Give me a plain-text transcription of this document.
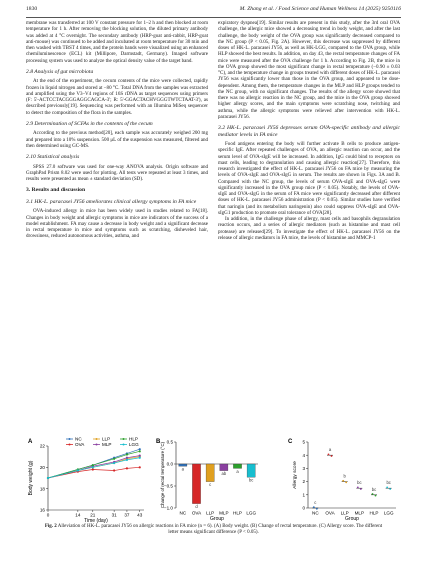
1830	M. Zhang et al. / Food Science and Human Wellness 14 (2025) 9250116

membrane was transferred at 100 V constant pressure for 1–2 h and then blocked at room temperature for 1 h. After removing the blocking solution, the diluted primary antibody was added at 4 °C overnight. The secondary antibody (HRP-goat anti-rabbit, HRP-goat anti-mouse) was continued to be added and incubated at room temperature for 30 min and then washed with TBST 4 times, and the protein bands were visualized using an enhanced chemiluminescence (ECL) kit (Millipore, Darmstadt, Germany). Imaged software processing system was used to analyze the optical density value of the target band.

2.8 Analysis of gut microbiota

At the end of the experiment, the cecum contents of the mice were collected, rapidly frozen in liquid nitrogen and stored at −80 °C. Total DNA from the samples was extracted and amplified using the V3–V4 regions of 16S rDNA as target sequences using primers (F: 5'-ACTCCTACGGGAGGCAGCA-3'; R: 5'-GGACTACHVGGGTWTCTAAT-3'), as described previously[19]. Sequencing was performed with an Illumina MiSeq sequencer to detect the composition of the flora in the samples.

2.9 Determination of SCFAs in the contents of the cecum

According to the previous method[20], each sample was accurately weighed 200 mg and prepared into a 10% suspension. 500 μL of the suspension was measured, filtered and then determined using GC-MS.

2.10 Statistical analysis

SPSS 27.0 software was used for one-way ANOVA analysis. Origin software and GraphPad Prism 8.02 were used for plotting. All tests were repeated at least 3 times, and results were presented as mean ± standard deviation (SD).

3. Results and discussion
3.1 HK-L. paracasei JY56 ameliorates clinical allergy symptoms in FA mice

OVA-induced allergy in mice has been widely used in studies related to FA[18]. Changes in body weight and allergic symptoms in mice are indicators of the success of a model establishment. FA may cause a decrease in body weight and a significant decrease in rectal temperature in mice and symptoms such as scratching, disheveled hair, drowsiness, reduced autonomous activities, asthma, and

expiratory dyspnea[19]. Similar results are present in this study, after the 3rd oral OVA challenge, the allergic mice showed a decreasing trend in body weight, and after the last challenge, the body weight of the OVA group was significantly decreased compared to the NC group (P < 0.05, Fig. 2A). However, this decrease was suppressed by different doses of HK-L. paracasei JY56, as well as HK-LGG, compared to the OVA group, while HLP showed the best results. In addition, on day 43, the rectal temperature changes of FA mice were measured after the OVA challenge for 1 h. According to Fig. 2B, the mice in the OVA group showed the most significant change in rectal temperature (−0.90 ± 0.03 °C), and the temperature change in groups treated with different doses of HK-L. paracasei JY56 was significantly lower than those in the OVA group, and appeared to be dose-dependent. Among them, the temperature changes in the MLP and HLP groups tended to the NC group, with no significant changes. The results of the allergy score showed that there was no allergic reaction in the NC group, and the mice in the OVA group showed higher allergy scores, and the main symptoms were scratching nose, twitching and asthma, while the allergic symptoms were relieved after intervention with HK-L. paracasei JY56.

3.2 HK-L. paracasei JY56 depresses serum OVA-specific antibody and allergic mediator levels in FA mice

Food antigens entering the body will further activate B cells to produce antigen-specific IgE. After repeated challenges of OVA, an allergic reaction can occur, and the serum level of OVA-sIgE will be increased. In addition, IgG could bind to receptors on mast cells, leading to degranulation and causing allergic reaction[27]. Therefore, this research investigated the effect of HK-L. paracasei JY56 on FA mice by measuring the levels of OVA-sIgE and OVA-sIgG in serum. The results are shown in Figs. 3A and B. Compared with the NC group, the levels of serum OVA-sIgE and OVA-sIgG were significantly increased in the OVA group mice (P < 0.05). Notably, the levels of OVA-sIgE and OVA-sIgG in the serum of FA mice were significantly decreased after different doses of HK-L. paracasei JY56 administration (P < 0.05). Similar studies have verified that naringin (and its metabolism naringenin) also could suppress OVA-sIgE and OVA-sIgG1 production to promote oral tolerance of OVA[28].

In addition, in the challenge phase of allergy, mast cells and basophils degranulation reaction occurs, and a series of allergic mediators (such as histamine and mast cell protease) are released[29]. To investigate the effect of HK-L. paracasei JY56 on the release of allergic mediators in FA mice, the levels of histamine and MMCP-1

A
16
18
20
22
0	14 21	31 37 43
Time (day)
Body weight (g)
NC
OVA
LLP
MLP
HLP
LGG	B 0.5
0.0
−0.5
−1.0
a
NC
d
OVA
c
LLP
ab
MLP
a
HLP
bc
LGG
Group
Change of rectal temperature (°C)	C
0
1
2
3
4
5
c
NC
a
OVA
b
LLP
bc
MLP
bc
HLP
bc
LGG
Group
Allergy score
Fig. 2 Alleviation of HK-L. paracasei JY56 on allergic reactions in FA mice (n = 6). (A) Body weight. (B) Change of rectal temperature. (C) Allergy score. The different letter means significant difference (P < 0.05).
